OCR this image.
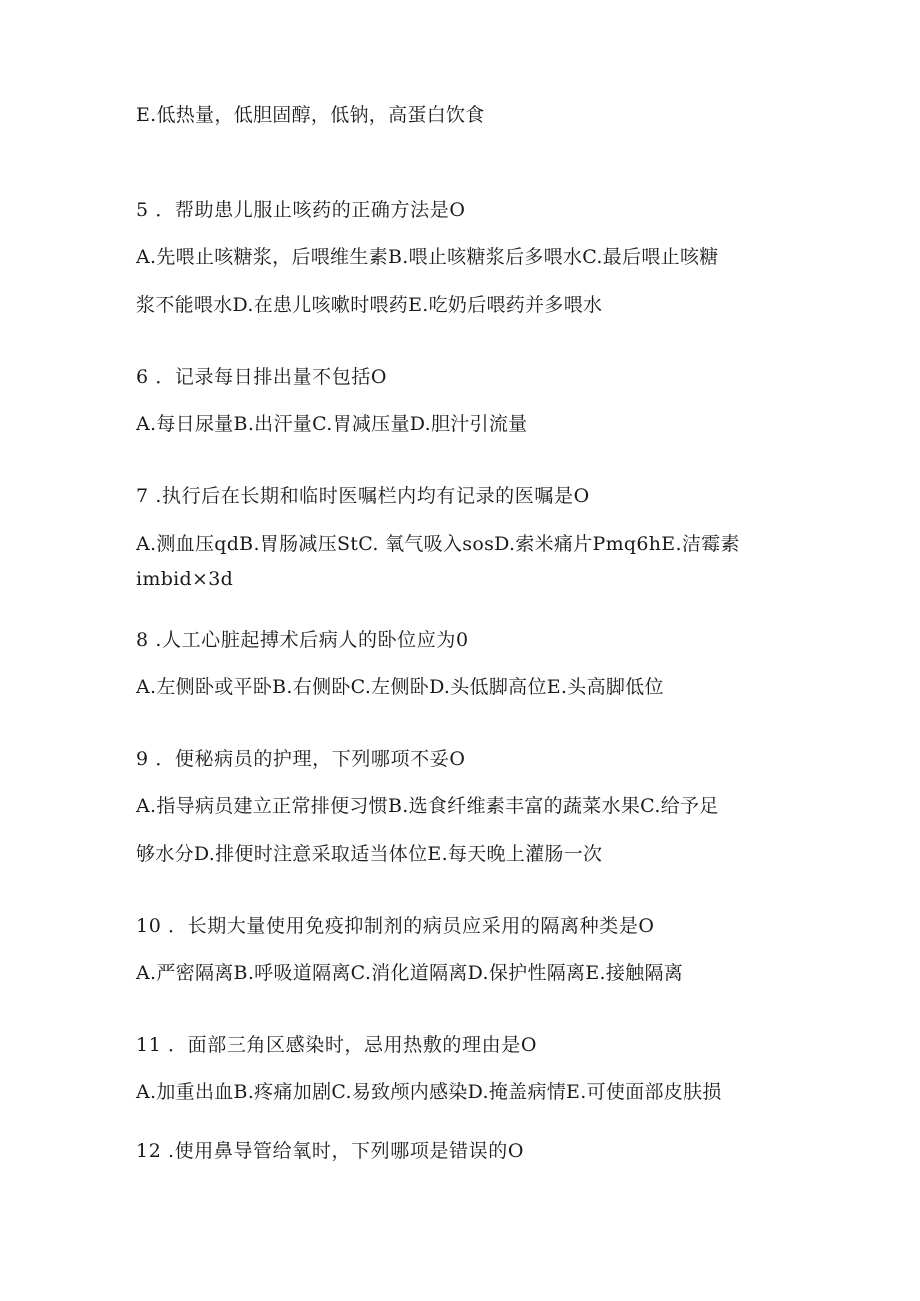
E.低热量，低胆固醇，低钠，高蛋白饮食
5 ．帮助患儿服止咳药的正确方法是O
A.先喂止咳糖浆，后喂维生素B.喂止咳糖浆后多喂水C.最后喂止咳糖
浆不能喂水D.在患儿咳嗽时喂药E.吃奶后喂药并多喂水
6 ．记录每日排出量不包括O
A.每日尿量B.出汗量C.胃减压量D.胆汁引流量
7 .执行后在长期和临时医嘱栏内均有记录的医嘱是O
A.测血压qdB.胃肠减压StC. 氧气吸入sosD.索米痛片Pmq6hE.洁霉素
imbid×3d
8 .人工心脏起搏术后病人的卧位应为0
A.左侧卧或平卧B.右侧卧C.左侧卧D.头低脚高位E.头高脚低位
9 ．便秘病员的护理，下列哪项不妥O
A.指导病员建立正常排便习惯B.选食纤维素丰富的蔬菜水果C.给予足
够水分D.排便时注意采取适当体位E.每天晚上灌肠一次
10 ．长期大量使用免疫抑制剂的病员应采用的隔离种类是O
A.严密隔离B.呼吸道隔离C.消化道隔离D.保护性隔离E.接触隔离
11 ．面部三角区感染时，忌用热敷的理由是O
A.加重出血B.疼痛加剧C.易致颅内感染D.掩盖病情E.可使面部皮肤损
12 .使用鼻导管给氧时，下列哪项是错误的O
